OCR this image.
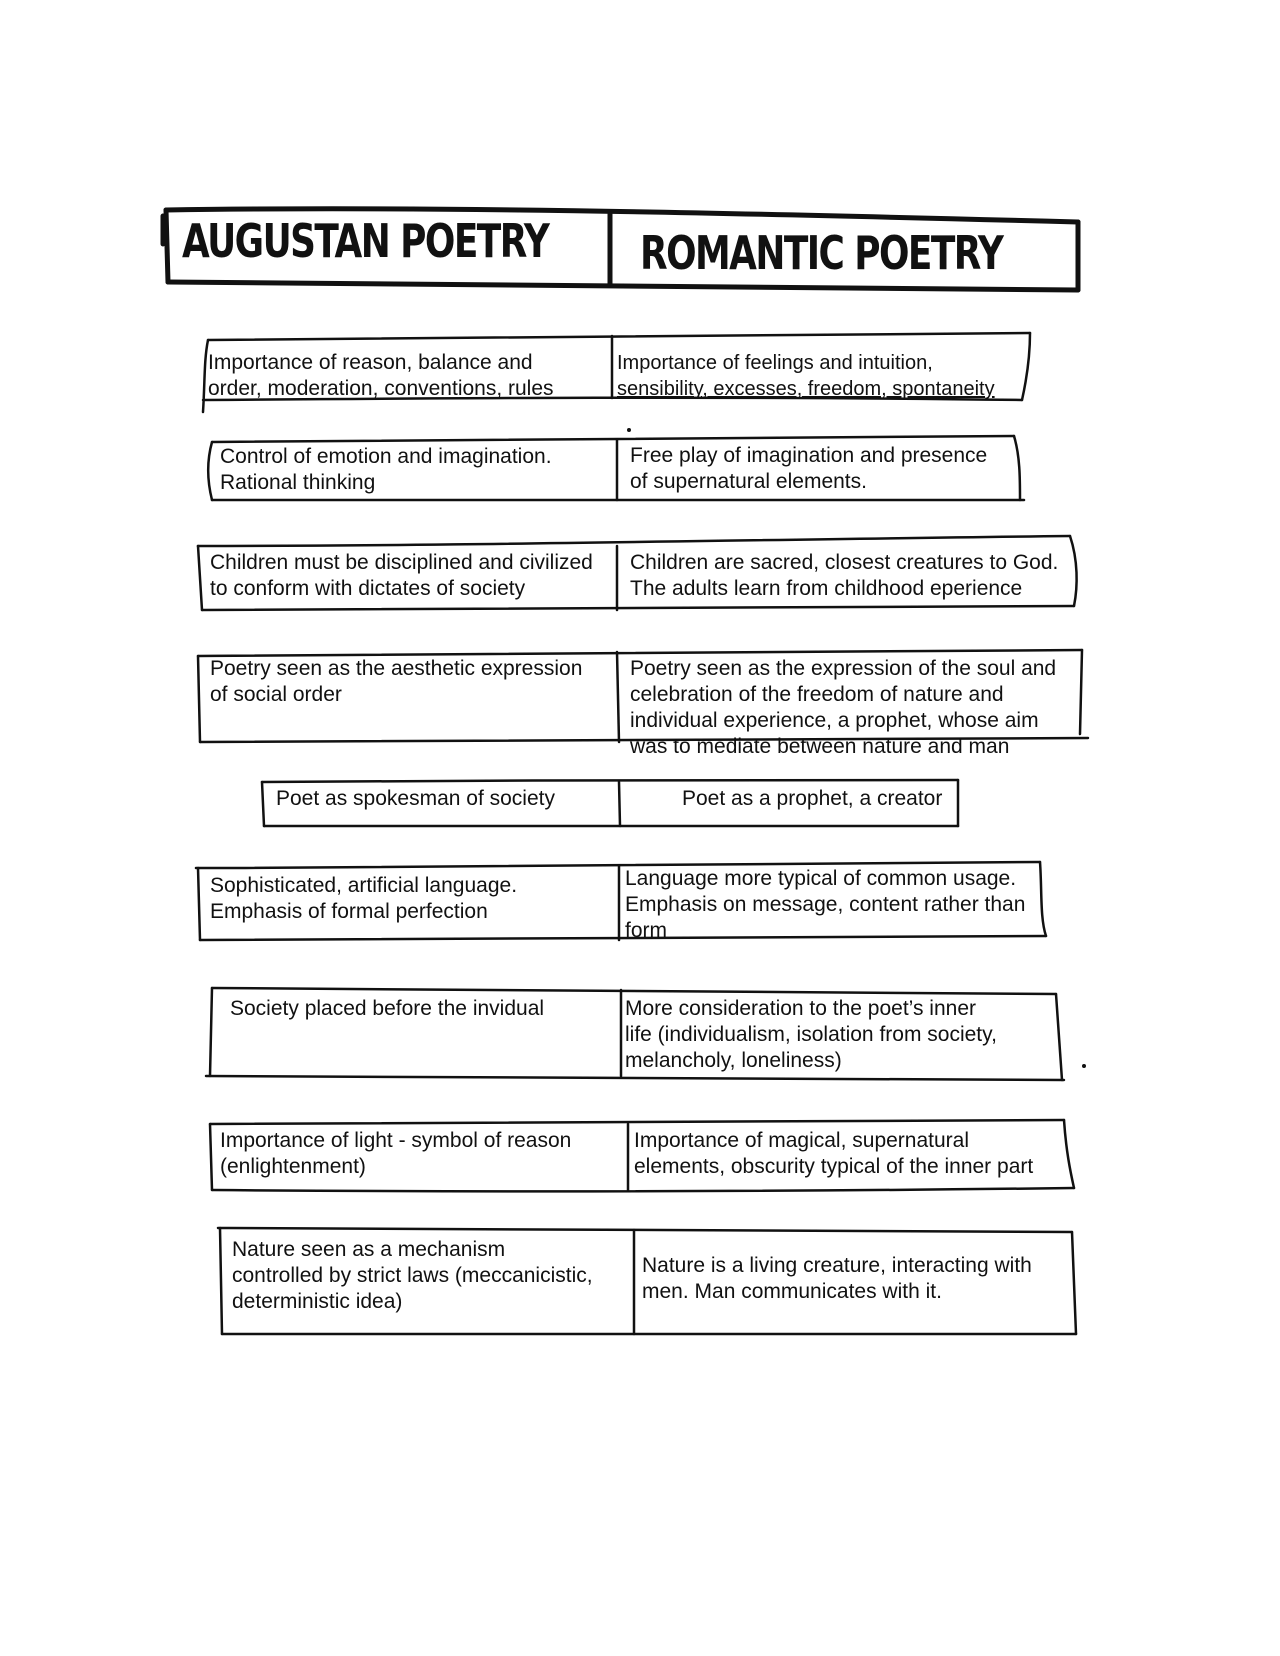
AUGUSTAN POETRY ROMANTIC POETRY
Importance of reason, balance and
order, moderation, conventions, rules
Importance of feelings and intuition,
sensibility, excesses, freedom, spontaneity
Control of emotion and imagination.
Rational thinking
Free play of imagination and presence
of supernatural elements.
Children must be disciplined and civilized
to conform with dictates of society
Children are sacred, closest creatures to God.
The adults learn from childhood eperience
Poetry seen as the aesthetic expression
of social order
Poetry seen as the expression of the soul and
celebration of the freedom of nature and
individual experience, a prophet, whose aim
was to mediate between nature and man
Poet as spokesman of society	Poet as a prophet, a creator
Sophisticated, artificial language.
Emphasis of formal perfection
Language more typical of common usage.
Emphasis on message, content rather than
form
Society placed before the invidual	More consideration to the poet’s inner
life (individualism, isolation from society,
melancholy, loneliness)
Importance of light - symbol of reason
(enlightenment)
Importance of magical, supernatural
elements, obscurity typical of the inner part
Nature seen as a mechanism
controlled by strict laws (meccanicistic,
deterministic idea)
Nature is a living creature, interacting with
men. Man communicates with it.
